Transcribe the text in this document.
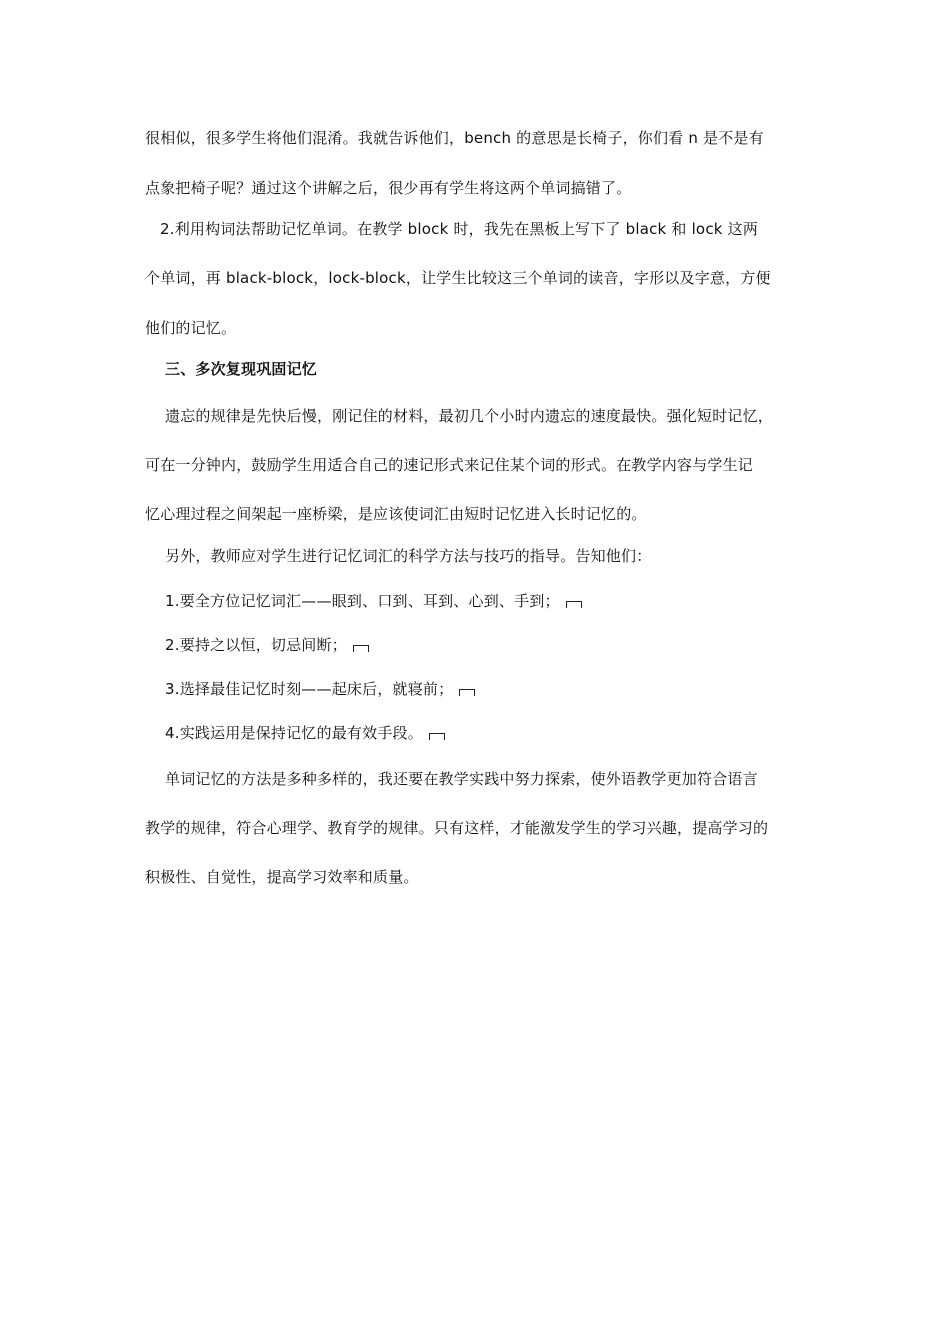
很相似，很多学生将他们混淆。我就告诉他们，bench 的意思是长椅子，你们看 n 是不是有
点象把椅子呢？通过这个讲解之后，很少再有学生将这两个单词搞错了。
2.利用构词法帮助记忆单词。在教学 block 时，我先在黑板上写下了 black 和 lock 这两
个单词，再 black-block，lock-block，让学生比较这三个单词的读音，字形以及字意，方便
他们的记忆。
三、多次复现巩固记忆
遗忘的规律是先快后慢，刚记住的材料，最初几个小时内遗忘的速度最快。强化短时记忆，
可在一分钟内，鼓励学生用适合自己的速记形式来记住某个词的形式。在教学内容与学生记
忆心理过程之间架起一座桥梁，是应该使词汇由短时记忆进入长时记忆的。
另外，教师应对学生进行记忆词汇的科学方法与技巧的指导。告知他们：
1.要全方位记忆词汇——眼到、口到、耳到、心到、手到；
2.要持之以恒，切忌间断；
3.选择最佳记忆时刻——起床后，就寝前；
4.实践运用是保持记忆的最有效手段。
单词记忆的方法是多种多样的，我还要在教学实践中努力探索，使外语教学更加符合语言
教学的规律，符合心理学、教育学的规律。只有这样，才能激发学生的学习兴趣，提高学习的
积极性、自觉性，提高学习效率和质量。
